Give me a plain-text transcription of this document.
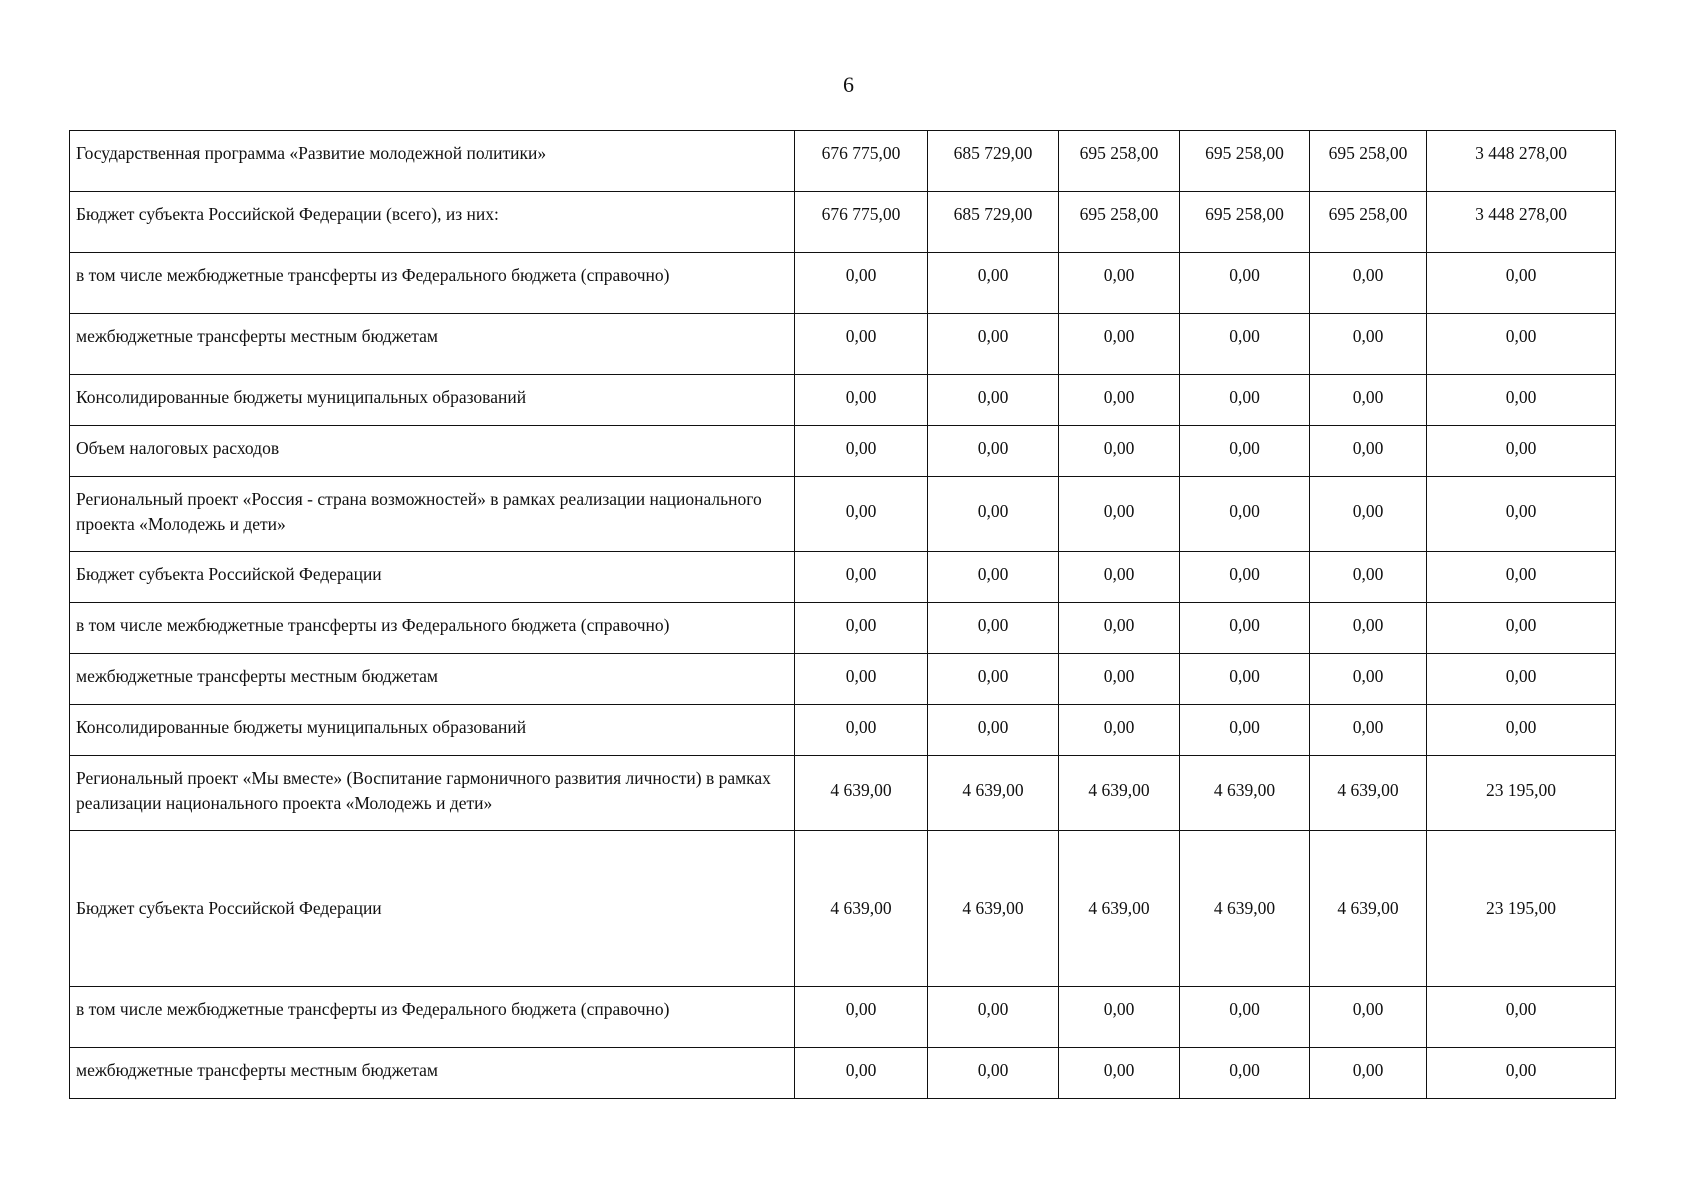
6
Государственная программа «Развитие молодежной политики»	676 775,00	685 729,00	695 258,00	695 258,00	695 258,00	3 448 278,00
Бюджет субъекта Российской Федерации (всего), из них:	676 775,00	685 729,00	695 258,00	695 258,00	695 258,00	3 448 278,00
в том числе межбюджетные трансферты из Федерального бюджета (справочно)	0,00	0,00	0,00	0,00	0,00	0,00
межбюджетные трансферты местным бюджетам	0,00	0,00	0,00	0,00	0,00	0,00
Консолидированные бюджеты муниципальных образований	0,00	0,00	0,00	0,00	0,00	0,00
Объем налоговых расходов	0,00	0,00	0,00	0,00	0,00	0,00
Региональный проект «Россия - страна возможностей» в рамках реализации национального проекта «Молодежь и дети»	0,00	0,00	0,00	0,00	0,00	0,00
Бюджет субъекта Российской Федерации	0,00	0,00	0,00	0,00	0,00	0,00
в том числе межбюджетные трансферты из Федерального бюджета (справочно)	0,00	0,00	0,00	0,00	0,00	0,00
межбюджетные трансферты местным бюджетам	0,00	0,00	0,00	0,00	0,00	0,00
Консолидированные бюджеты муниципальных образований	0,00	0,00	0,00	0,00	0,00	0,00
Региональный проект «Мы вместе» (Воспитание гармоничного развития личности) в рамках реализации национального проекта «Молодежь и дети»	4 639,00	4 639,00	4 639,00	4 639,00	4 639,00	23 195,00
Бюджет субъекта Российской Федерации	4 639,00	4 639,00	4 639,00	4 639,00	4 639,00	23 195,00
в том числе межбюджетные трансферты из Федерального бюджета (справочно)	0,00	0,00	0,00	0,00	0,00	0,00
межбюджетные трансферты местным бюджетам	0,00	0,00	0,00	0,00	0,00	0,00
